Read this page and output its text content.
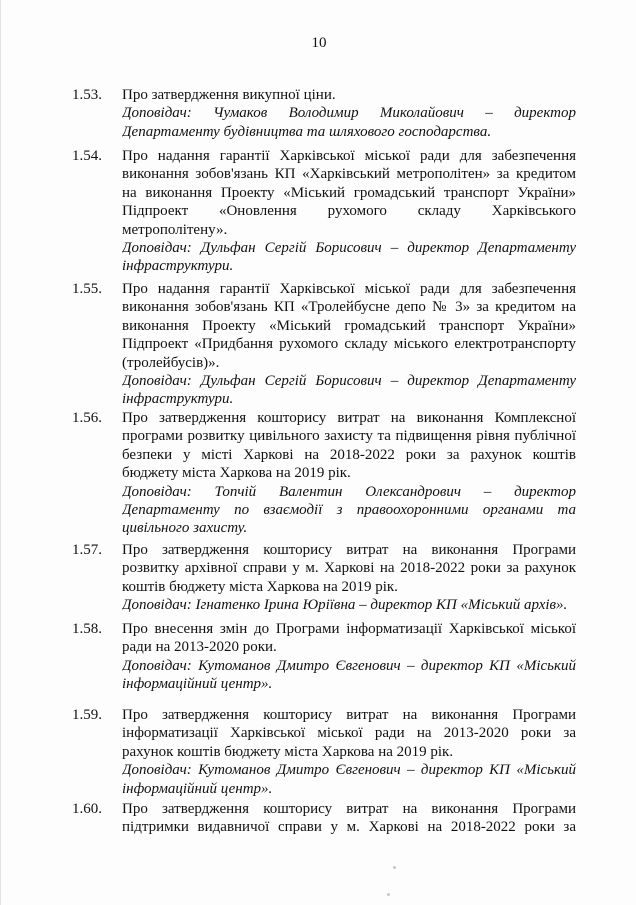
10
1.53. Про затвердження викупної ціни.
Доповідач: Чумаков Володимир Миколайович – директор
Департаменту будівництва та шляхового господарства.
1.54. Про надання гарантії Харківської міської ради для забезпечення
виконання зобов'язань КП «Харківський метрополітен» за кредитом
на виконання Проекту «Міський громадський транспорт України»
Підпроект «Оновлення рухомого складу Харківського
метрополітену».
Доповідач: Дульфан Сергій Борисович – директор Департаменту
інфраструктури.
1.55. Про надання гарантії Харківської міської ради для забезпечення
виконання зобов'язань КП «Тролейбусне депо № 3» за кредитом на
виконання Проекту «Міський громадський транспорт України»
Підпроект «Придбання рухомого складу міського електротранспорту
(тролейбусів)».
Доповідач: Дульфан Сергій Борисович – директор Департаменту
інфраструктури.
1.56. Про затвердження кошторису витрат на виконання Комплексної
програми розвитку цивільного захисту та підвищення рівня публічної
безпеки у місті Харкові на 2018-2022 роки за рахунок коштів
бюджету міста Харкова на 2019 рік.
Доповідач: Топчій Валентин Олександрович – директор
Департаменту по взаємодії з правоохоронними органами та
цивільного захисту.
1.57. Про затвердження кошторису витрат на виконання Програми
розвитку архівної справи у м. Харкові на 2018-2022 роки за рахунок
коштів бюджету міста Харкова на 2019 рік.
Доповідач: Ігнатенко Ірина Юріївна – директор КП «Міський архів».
1.58. Про внесення змін до Програми інформатизації Харківської міської
ради на 2013-2020 роки.
Доповідач: Кутоманов Дмитро Євгенович – директор КП «Міський
інформаційний центр».
1.59. Про затвердження кошторису витрат на виконання Програми
інформатизації Харківської міської ради на 2013-2020 роки за
рахунок коштів бюджету міста Харкова на 2019 рік.
Доповідач: Кутоманов Дмитро Євгенович – директор КП «Міський
інформаційний центр».
1.60. Про затвердження кошторису витрат на виконання Програми
підтримки видавничої справи у м. Харкові на 2018-2022 роки за
